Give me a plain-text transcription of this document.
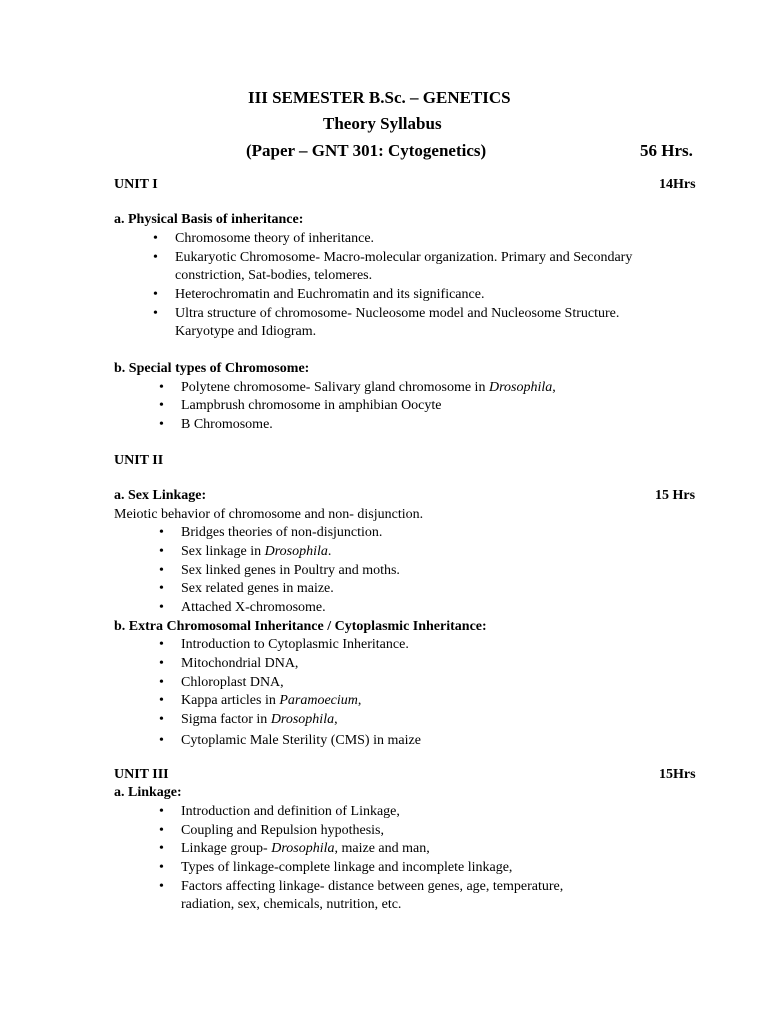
III SEMESTER B.Sc. – GENETICS
Theory Syllabus
(Paper – GNT 301: Cytogenetics)	56 Hrs.
UNIT I	14Hrs
a. Physical Basis of inheritance:
• Chromosome theory of inheritance.
• Eukaryotic Chromosome- Macro-molecular organization. Primary and Secondary
constriction, Sat-bodies, telomeres.
• Heterochromatin and Euchromatin and its significance.
• Ultra structure of chromosome- Nucleosome model and Nucleosome Structure.
Karyotype and Idiogram.
b. Special types of Chromosome:
• Polytene chromosome- Salivary gland chromosome in Drosophila,
• Lampbrush chromosome in amphibian Oocyte
• B Chromosome.
UNIT II
a. Sex Linkage:	15 Hrs
Meiotic behavior of chromosome and non- disjunction.
• Bridges theories of non-disjunction.
• Sex linkage in Drosophila.
• Sex linked genes in Poultry and moths.
• Sex related genes in maize.
• Attached X-chromosome.
b. Extra Chromosomal Inheritance / Cytoplasmic Inheritance:
• Introduction to Cytoplasmic Inheritance.
• Mitochondrial DNA,
• Chloroplast DNA,
• Kappa articles in Paramoecium,
• Sigma factor in Drosophila,
• Cytoplamic Male Sterility (CMS) in maize
UNIT III	15Hrs
a. Linkage:
• Introduction and definition of Linkage,
• Coupling and Repulsion hypothesis,
• Linkage group- Drosophila, maize and man,
• Types of linkage-complete linkage and incomplete linkage,
• Factors affecting linkage- distance between genes, age, temperature,
radiation, sex, chemicals, nutrition, etc.
